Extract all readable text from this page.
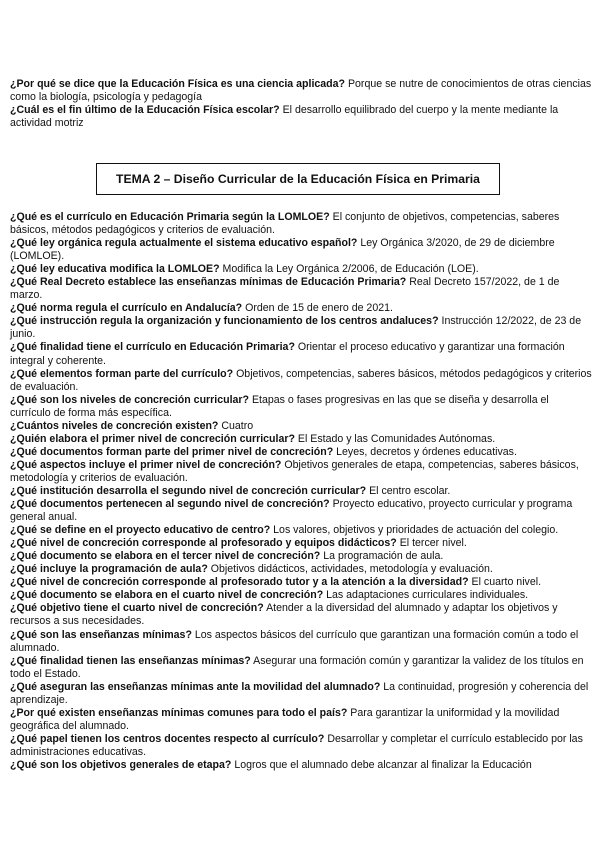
¿Por qué se dice que la Educación Física es una ciencia aplicada? Porque se nutre de conocimientos de otras ciencias como la biología, psicología y pedagogía

¿Cuál es el fin último de la Educación Física escolar? El desarrollo equilibrado del cuerpo y la mente mediante la actividad motriz

TEMA 2 – Diseño Curricular de la Educación Física en Primaria

¿Qué es el currículo en Educación Primaria según la LOMLOE? El conjunto de objetivos, competencias, saberes básicos, métodos pedagógicos y criterios de evaluación.

¿Qué ley orgánica regula actualmente el sistema educativo español? Ley Orgánica 3/2020, de 29 de diciembre (LOMLOE).

¿Qué ley educativa modifica la LOMLOE? Modifica la Ley Orgánica 2/2006, de Educación (LOE).

¿Qué Real Decreto establece las enseñanzas mínimas de Educación Primaria? Real Decreto 157/2022, de 1 de marzo.

¿Qué norma regula el currículo en Andalucía? Orden de 15 de enero de 2021.

¿Qué instrucción regula la organización y funcionamiento de los centros andaluces? Instrucción 12/2022, de 23 de junio.

¿Qué finalidad tiene el currículo en Educación Primaria? Orientar el proceso educativo y garantizar una formación integral y coherente.

¿Qué elementos forman parte del currículo? Objetivos, competencias, saberes básicos, métodos pedagógicos y criterios de evaluación.

¿Qué son los niveles de concreción curricular? Etapas o fases progresivas en las que se diseña y desarrolla el currículo de forma más específica.

¿Cuántos niveles de concreción existen? Cuatro

¿Quién elabora el primer nivel de concreción curricular? El Estado y las Comunidades Autónomas.

¿Qué documentos forman parte del primer nivel de concreción? Leyes, decretos y órdenes educativas.

¿Qué aspectos incluye el primer nivel de concreción? Objetivos generales de etapa, competencias, saberes básicos, metodología y criterios de evaluación.

¿Qué institución desarrolla el segundo nivel de concreción curricular? El centro escolar.

¿Qué documentos pertenecen al segundo nivel de concreción? Proyecto educativo, proyecto curricular y programa general anual.

¿Qué se define en el proyecto educativo de centro? Los valores, objetivos y prioridades de actuación del colegio.

¿Qué nivel de concreción corresponde al profesorado y equipos didácticos? El tercer nivel.

¿Qué documento se elabora en el tercer nivel de concreción? La programación de aula.

¿Qué incluye la programación de aula? Objetivos didácticos, actividades, metodología y evaluación.

¿Qué nivel de concreción corresponde al profesorado tutor y a la atención a la diversidad? El cuarto nivel.

¿Qué documento se elabora en el cuarto nivel de concreción? Las adaptaciones curriculares individuales.

¿Qué objetivo tiene el cuarto nivel de concreción? Atender a la diversidad del alumnado y adaptar los objetivos y recursos a sus necesidades.

¿Qué son las enseñanzas mínimas? Los aspectos básicos del currículo que garantizan una formación común a todo el alumnado.

¿Qué finalidad tienen las enseñanzas mínimas? Asegurar una formación común y garantizar la validez de los títulos en todo el Estado.

¿Qué aseguran las enseñanzas mínimas ante la movilidad del alumnado? La continuidad, progresión y coherencia del aprendizaje.

¿Por qué existen enseñanzas mínimas comunes para todo el país? Para garantizar la uniformidad y la movilidad geográfica del alumnado.

¿Qué papel tienen los centros docentes respecto al currículo? Desarrollar y completar el currículo establecido por las administraciones educativas.

¿Qué son los objetivos generales de etapa? Logros que el alumnado debe alcanzar al finalizar la Educación
